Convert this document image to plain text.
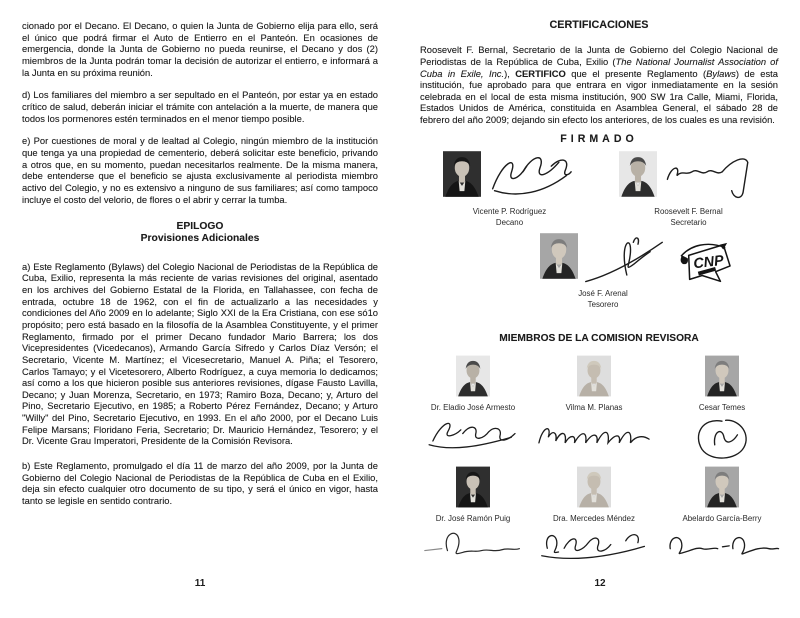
cionado por el Decano. El Decano, o quien la Junta de Gobierno elija para ello, será el único que podrá firmar el Auto de Entierro en el Panteón. En ocasiones de emergencia, donde la Junta de Gobierno no pueda reunirse, el Decano y dos (2) miembros de la Junta podrán tomar la decisión de autorizar el entierro, e informará a la Junta en su próxima reunión.

d) Los familiares del miembro a ser sepultado en el Panteón, por estar ya en estado crítico de salud, deberán iniciar el trámite con antelación a la muerte, de manera que todos los pormenores estén terminados en el menor tiempo posible.

e) Por cuestiones de moral y de lealtad al Colegio, ningún miembro de la institución que tenga ya una propiedad de cementerio, deberá solicitar este beneficio, privando a otros que, en su momento, puedan necesitarlos realmente. De la misma manera, debe entenderse que el beneficio se ajusta exclusivamente al periodista miembro activo del Colegio, y no es extensivo a ninguno de sus familiares; así como tampoco incluye el costo del velorio, de flores o el abrir y cerrar la tumba.

EPILOGO
Provisiones Adicionales

a) Este Reglamento (Bylaws) del Colegio Nacional de Periodistas de la República de Cuba, Exilio, representa la más reciente de varias revisiones del original, asentado en los archives del Gobierno Estatal de la Florida, en Tallahassee, con fecha de entrada, octubre 18 de 1962, con el fin de actualizarlo a las necesidades y condiciones del Año 2009 en lo adelante; Siglo XXI de la Era Cristiana, con ese só1o propósito; pero está basado en la filosofía de la Asamblea Constituyente, y el primer Reglamento, firmado por el primer Decano fundador Mario Barrera; los dos Vicepresidentes (Vicedecanos), Armando García Sifredo y Carlos Díaz Versón; el Secretario, Vicente M. Martínez; el Vicesecretario, Manuel A. Piña; el Tesorero, Carlos Tamayo; y el Vicetesorero, Alberto Rodríguez, a cuya memoria lo dedicamos; así como a los que hicieron posible sus anteriores revisiones, dígase Fausto Lavilla, Decano; y Juan Morenza, Secretario, en 1973; Ramiro Boza, Decano; y, Arturo del Pino, Secretario Ejecutivo, en 1985; a Roberto Pérez Fernández, Decano; y Arturo "Willy" del Pino, Secretario Ejecutivo, en 1993. En el año 2000, por el Decano Luis Felipe Marsans; Floridano Feria, Secretario; Dr. Mauricio Hernández, Tesorero; y el Dr. Vicente Grau Imperatori, Presidente de la Comisión Revisora.

b) Este Reglamento, promulgado el día 11 de marzo del año 2009, por la Junta de Gobierno del Colegio Nacional de Periodistas de la República de Cuba en el Exilio, deja sin efecto cualquier otro documento de su tipo, y será el único en vigor, hasta tanto se legisle en sentido contrario.

11
CERTIFICACIONES

Roosevelt F. Bernal, Secretario de la Junta de Gobierno del Colegio Nacional de Periodistas de la República de Cuba, Exilio (The National Journalist Association of Cuba in Exile, Inc.), CERTIFICO que el presente Reglamento (Bylaws) de esta institución, fue aprobado para que entrara en vigor inmediatamente en la sesión celebrada en el local de esta misma institución, 900 SW 1ra Calle, Miami, Florida, Estados Unidos de América, constituida en Asamblea General, el sábado 28 de febrero del año 2009; dejando sin efecto los anteriores, de los cuales es una revisión.

FIRMADO
Vicente P. Rodríguez
Decano
Roosevelt F. Bernal
Secretario
José F. Arenal
Tesorero
MIEMBROS DE LA COMISION REVISORA
Dr. Eladio José Armesto	Vilma M. Planas	Cesar Temes
Dr. José Ramón Puig	Dra. Mercedes Méndez	Abelardo García-Berry
12
